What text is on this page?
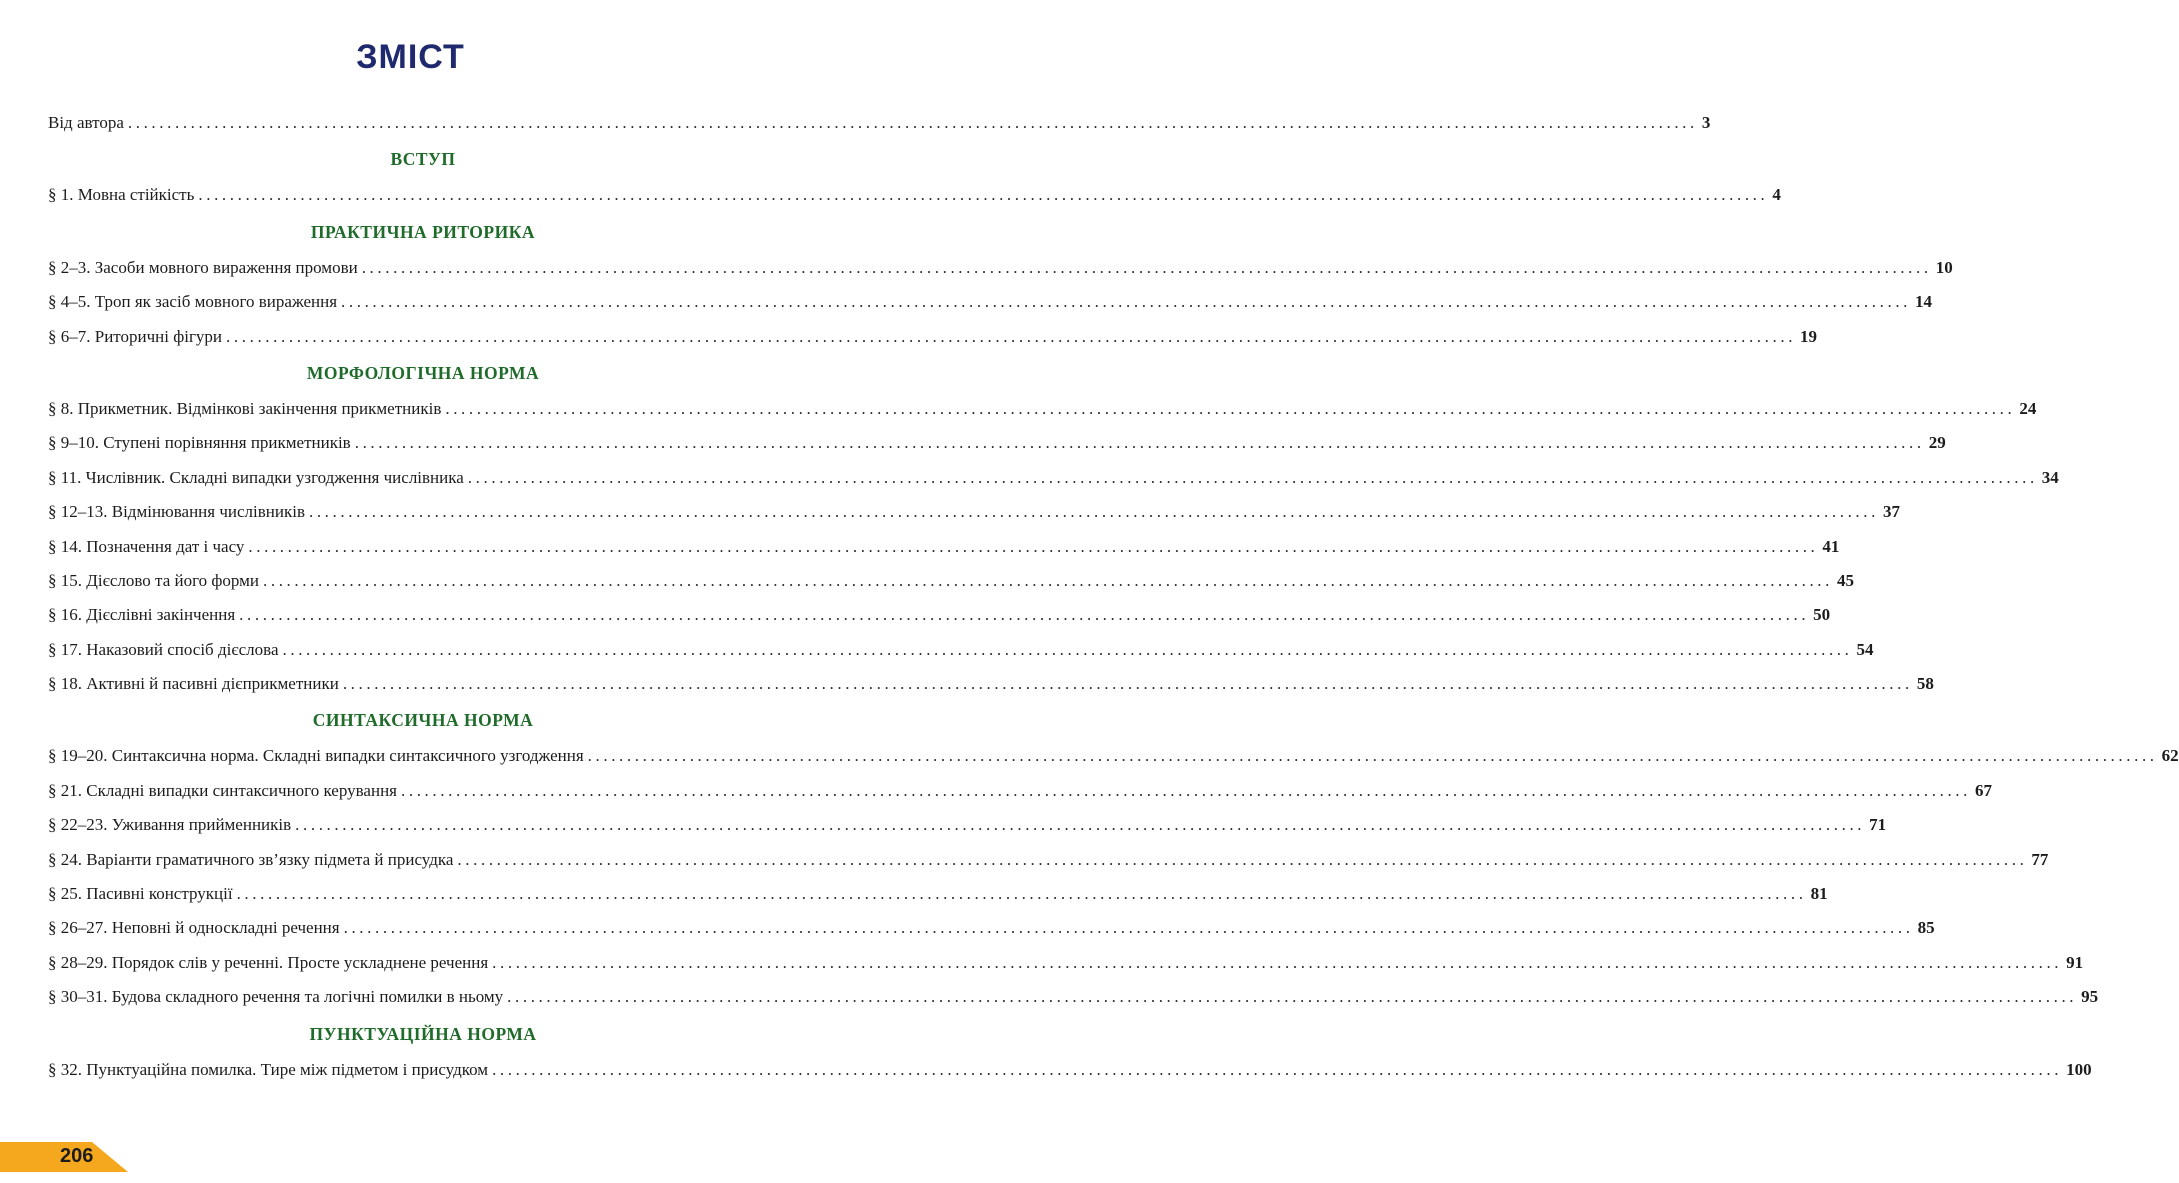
ЗМІСТ
Від автора ........................................................................................................................................................................................................ 3
ВСТУП
§ 1. Мовна стійкість ........................................................................................................................................................................................................ 4
ПРАКТИЧНА РИТОРИКА
§ 2–3. Засоби мовного вираження промови ........................................................................................................................................................................................................ 10
§ 4–5. Троп як засіб мовного вираження ........................................................................................................................................................................................................ 14
§ 6–7. Риторичні фігури ........................................................................................................................................................................................................ 19
МОРФОЛОГІЧНА НОРМА
§ 8. Прикметник. Відмінкові закінчення прикметників ........................................................................................................................................................................................................ 24
§ 9–10. Ступені порівняння прикметників ........................................................................................................................................................................................................ 29
§ 11. Числівник. Складні випадки узгодження числівника ........................................................................................................................................................................................................ 34
§ 12–13. Відмінювання числівників ........................................................................................................................................................................................................ 37
§ 14. Позначення дат і часу ........................................................................................................................................................................................................ 41
§ 15. Дієслово та його форми ........................................................................................................................................................................................................ 45
§ 16. Дієслівні закінчення ........................................................................................................................................................................................................ 50
§ 17. Наказовий спосіб дієслова ........................................................................................................................................................................................................ 54
§ 18. Активні й пасивні дієприкметники ........................................................................................................................................................................................................ 58
СИНТАКСИЧНА НОРМА
§ 19–20. Синтаксична норма. Складні випадки синтаксичного узгодження ........................................................................................................................................................................................................ 62
§ 21. Складні випадки синтаксичного керування ........................................................................................................................................................................................................ 67
§ 22–23. Уживання прийменників ........................................................................................................................................................................................................ 71
§ 24. Варіанти граматичного зв’язку підмета й присудка ........................................................................................................................................................................................................ 77
§ 25. Пасивні конструкції ........................................................................................................................................................................................................ 81
§ 26–27. Неповні й односкладні речення ........................................................................................................................................................................................................ 85
§ 28–29. Порядок слів у реченні. Просте ускладнене речення ........................................................................................................................................................................................................ 91
§ 30–31. Будова складного речення та логічні помилки в ньому ........................................................................................................................................................................................................ 95
ПУНКТУАЦІЙНА НОРМА
§ 32. Пунктуаційна помилка. Тире між підметом і присудком ........................................................................................................................................................................................................ 100
206
